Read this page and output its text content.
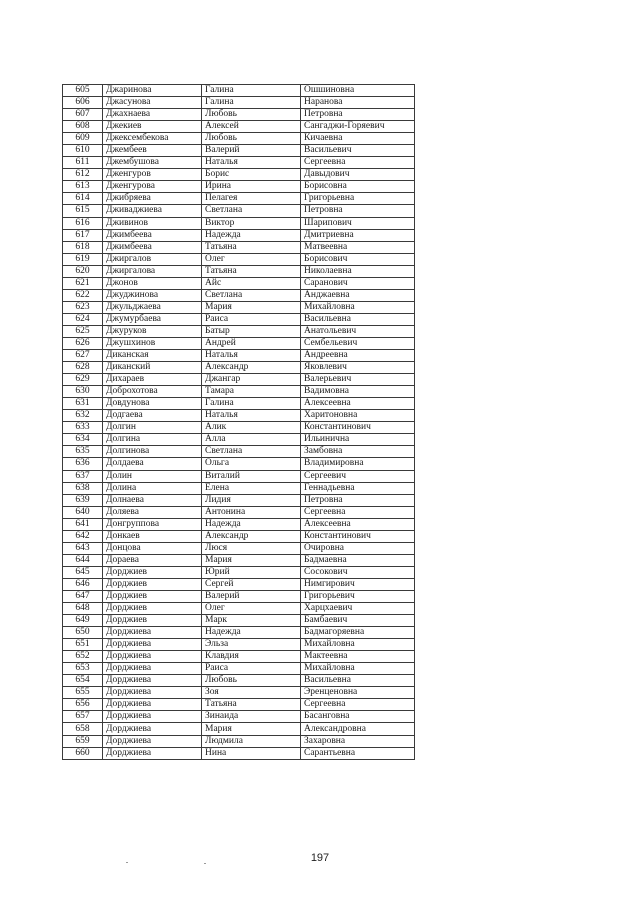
605	Джаринова	Галина	Ошшиновна
606	Джасунова	Галина	Наранова
607	Джахнаева	Любовь	Петровна
608	Джекиев	Алексей	Сангаджи-Горяевич
609	Джексембекова	Любовь	Кичаевна
610	Джембеев	Валерий	Васильевич
611	Джембушова	Наталья	Сергеевна
612	Дженгуров	Борис	Давыдович
613	Дженгурова	Ирина	Борисовна
614	Джибряева	Пелагея	Григорьевна
615	Дживаджиева	Светлана	Петровна
616	Дживинов	Виктор	Шарипович
617	Джимбеева	Надежда	Дмитриевна
618	Джимбеева	Татьяна	Матвеевна
619	Джиргалов	Олег	Борисович
620	Джиргалова	Татьяна	Николаевна
621	Джонов	Айс	Саранович
622	Джуджинова	Светлана	Анджаевна
623	Джульджаева	Мария	Михайловна
624	Джумурбаева	Раиса	Васильевна
625	Джуруков	Батыр	Анатольевич
626	Джушхинов	Андрей	Сембельевич
627	Диканская	Наталья	Андреевна
628	Диканский	Александр	Яковлевич
629	Дихараев	Джангар	Валерьевич
630	Доброхотова	Тамара	Вадимовна
631	Довдунова	Галина	Алексеевна
632	Додгаева	Наталья	Харитоновна
633	Долгин	Алик	Константинович
634	Долгина	Алла	Ильинична
635	Долгинова	Светлана	Замбовна
636	Долдаева	Ольга	Владимировна
637	Долин	Виталий	Сергеевич
638	Долина	Елена	Геннадьевна
639	Долнаева	Лидия	Петровна
640	Доляева	Антонина	Сергеевна
641	Донгруппова	Надежда	Алексеевна
642	Донкаев	Александр	Константинович
643	Донцова	Люся	Очировна
644	Дораева	Мария	Бадмаевна
645	Дорджиев	Юрий	Сосокович
646	Дорджиев	Сергей	Нимгирович
647	Дорджиев	Валерий	Григорьевич
648	Дорджиев	Олег	Харцхаевич
649	Дорджиев	Марк	Бамбаевич
650	Дорджиева	Надежда	Бадмагоряевна
651	Дорджиева	Эльза	Михайловна
652	Дорджиева	Клавдия	Мактеевна
653	Дорджиева	Раиса	Михайловна
654	Дорджиева	Любовь	Васильевна
655	Дорджиева	Зоя	Эренценовна
656	Дорджиева	Татьяна	Сергеевна
657	Дорджиева	Зинаида	Басанговна
658	Дорджиева	Мария	Александровна
659	Дорджиева	Людмила	Захаровна
660	Дорджиева	Нина	Сарантьевна
197
